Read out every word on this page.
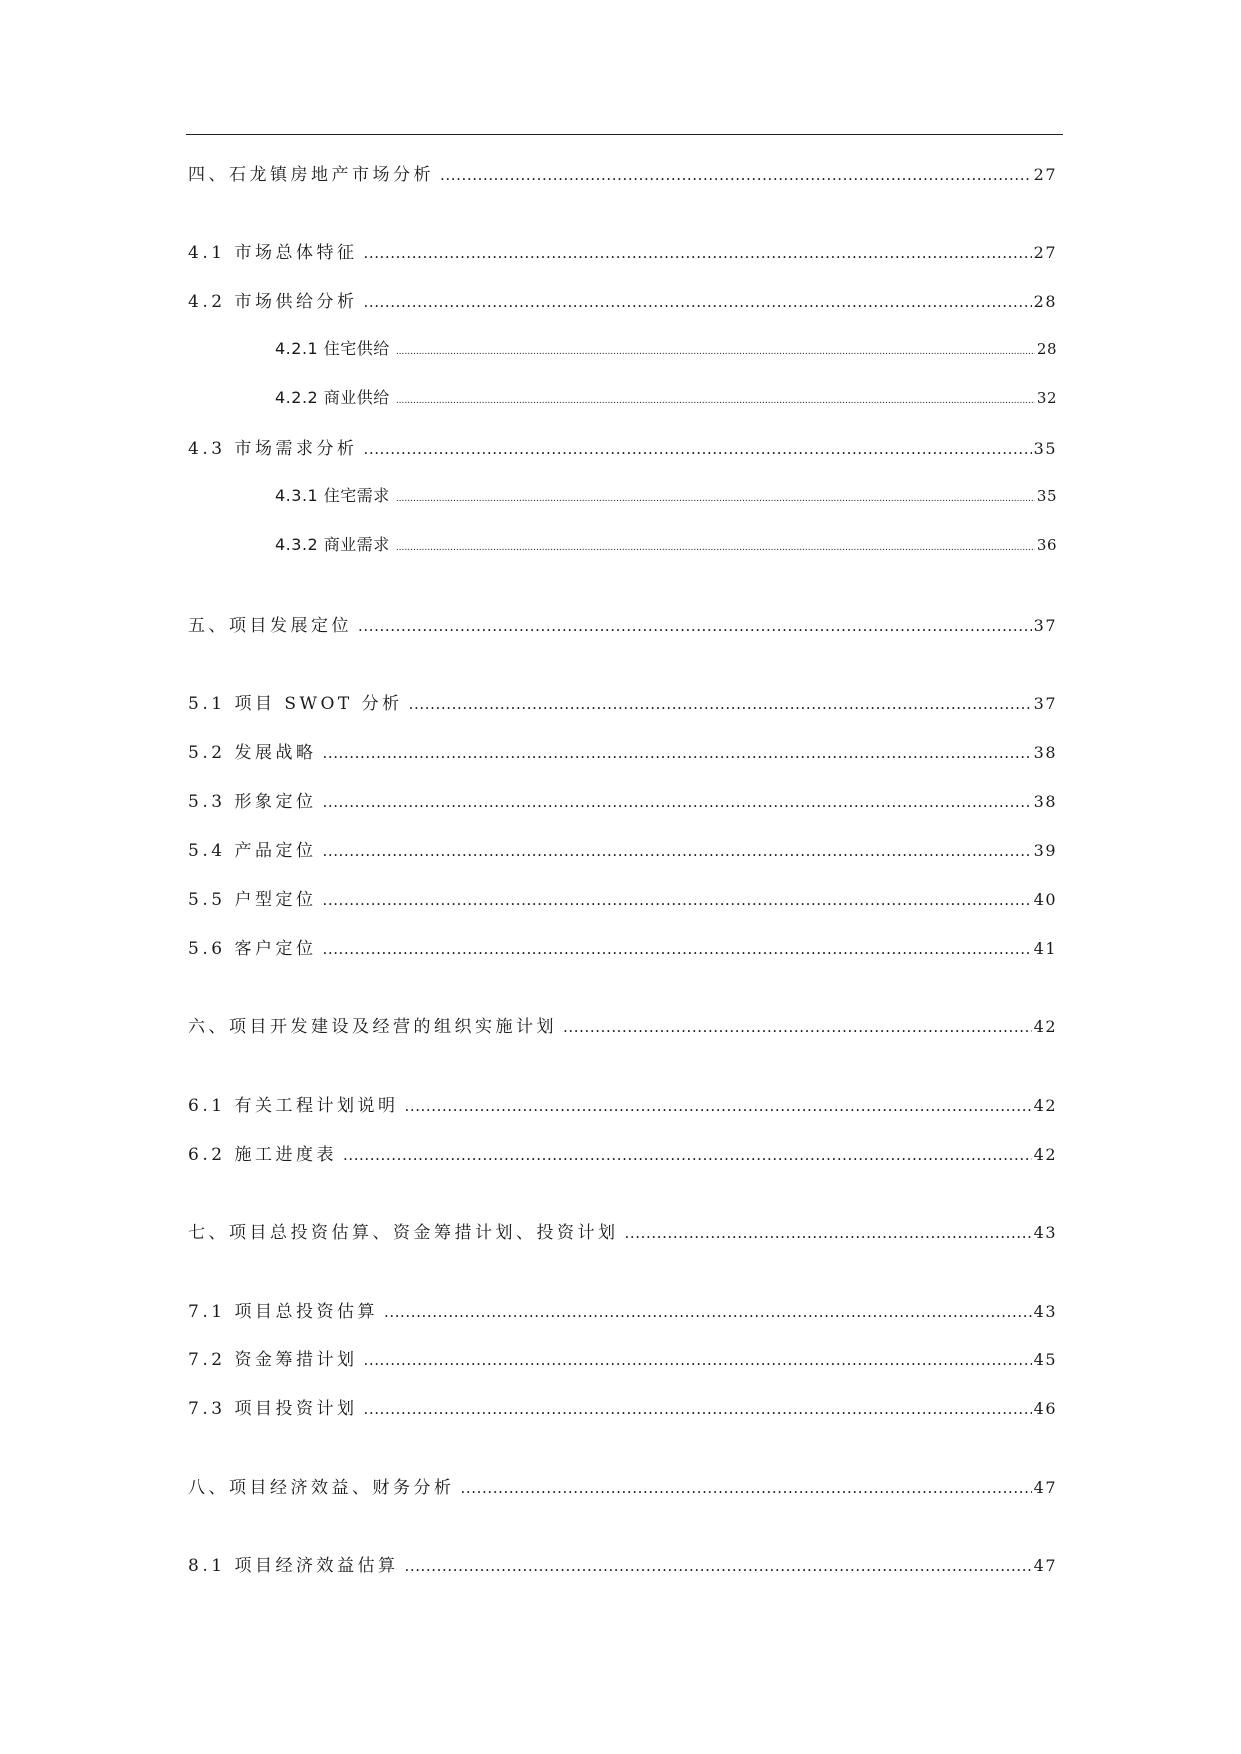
四、石龙镇房地产市场分析 .....	27
4.1 市场总体特征 .....	27
4.2 市场供给分析 .....	28
4.2.1 住宅供给 .....	28
4.2.2 商业供给 .....	32
4.3 市场需求分析 .....	35
4.3.1 住宅需求 .....	35
4.3.2 商业需求 .....	36
五、项目发展定位 .....	37
5.1 项目 SWOT 分析 .....	37
5.2 发展战略 .....	38
5.3 形象定位 .....	38
5.4 产品定位 .....	39
5.5 户型定位 .....	40
5.6 客户定位 .....	41
六、项目开发建设及经营的组织实施计划 .....	42
6.1 有关工程计划说明 .....	42
6.2 施工进度表 .....	42
七、项目总投资估算、资金筹措计划、投资计划 .....	43
7.1 项目总投资估算 .....	43
7.2 资金筹措计划 .....	45
7.3 项目投资计划 .....	46
八、项目经济效益、财务分析 .....	47
8.1 项目经济效益估算 .....	47
